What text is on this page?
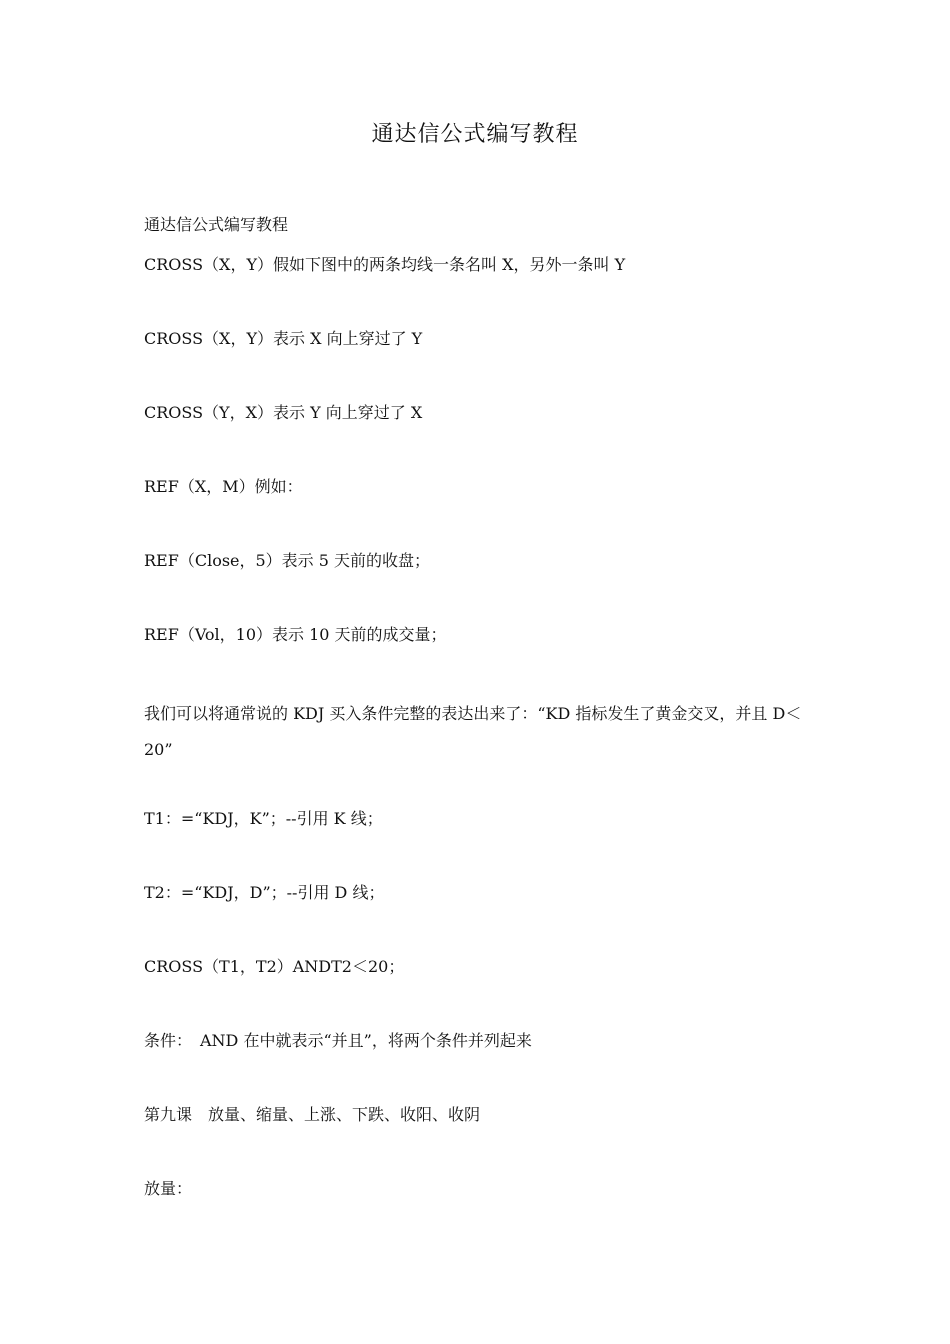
通达信公式编写教程

通达信公式编写教程

CROSS（X，Y）假如下图中的两条均线一条名叫 X，另外一条叫 Y

CROSS（X，Y）表示 X 向上穿过了 Y

CROSS（Y，X）表示 Y 向上穿过了 X

REF（X，M）例如：

REF（Close，5）表示 5 天前的收盘；

REF（Vol，10）表示 10 天前的成交量；

我们可以将通常说的 KDJ 买入条件完整的表达出来了：“KD 指标发生了黄金交叉，并且 D＜20”

T1：=“KDJ，K”；--引用 K 线；

T2：=“KDJ，D”；--引用 D 线；

CROSS（T1，T2）ANDT2＜20；

条件：　AND 在中就表示“并且”，将两个条件并列起来

第九课　放量、缩量、上涨、下跌、收阳、收阴

放量：
